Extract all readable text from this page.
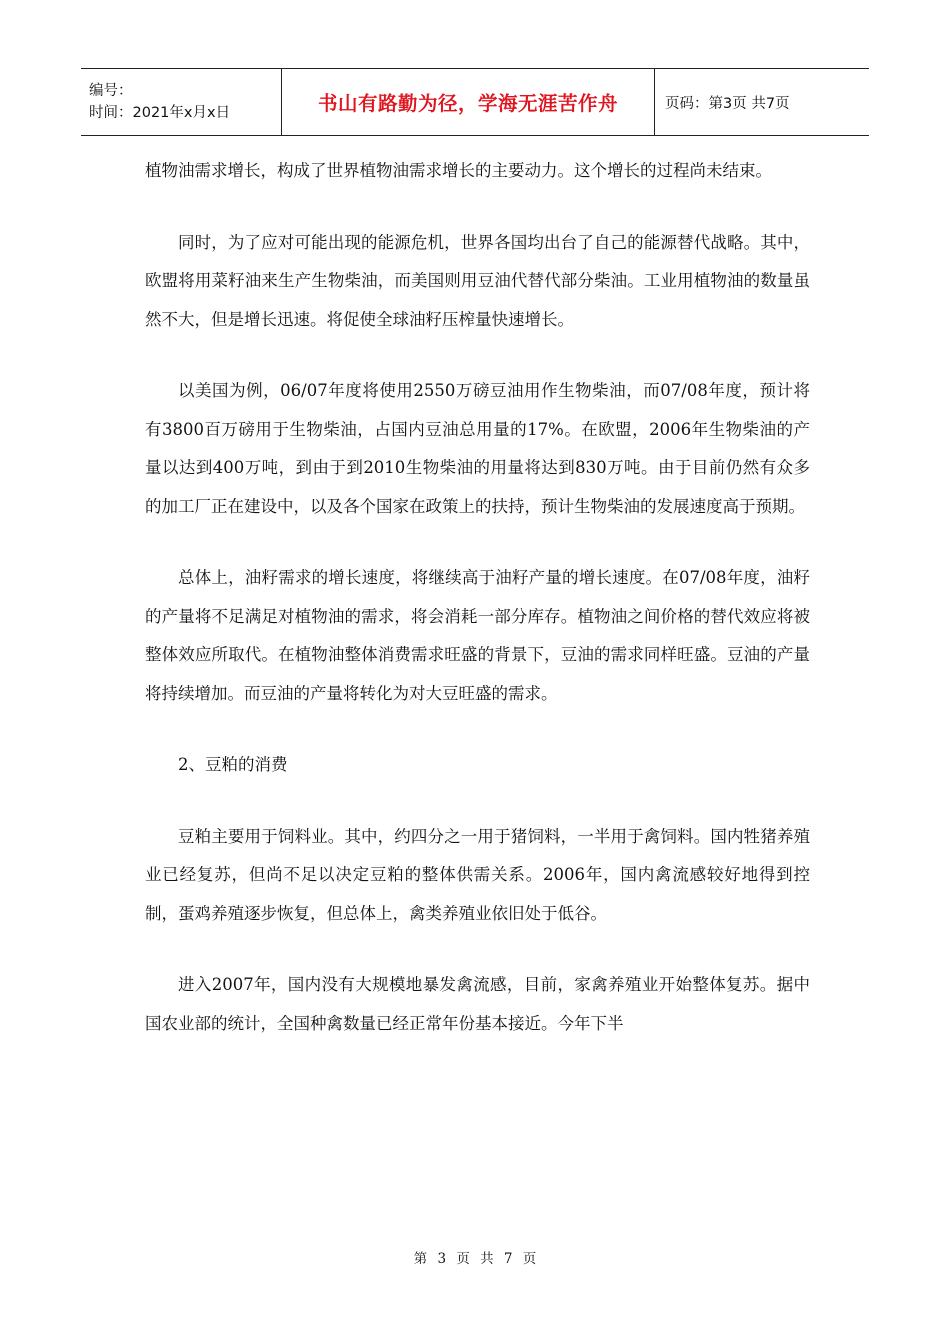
编号：
时间：2021年x月x日	书山有路勤为径，学海无涯苦作舟	页码：第3页 共7页

植物油需求增长，构成了世界植物油需求增长的主要动力。这个增长的过程尚未结束。

同时，为了应对可能出现的能源危机，世界各国均出台了自己的能源替代战略。其中，欧盟将用菜籽油来生产生物柴油，而美国则用豆油代替代部分柴油。工业用植物油的数量虽然不大，但是增长迅速。将促使全球油籽压榨量快速增长。

以美国为例，06/07年度将使用2550万磅豆油用作生物柴油，而07/08年度，预计将有3800百万磅用于生物柴油，占国内豆油总用量的17%。在欧盟，2006年生物柴油的产量以达到400万吨，到由于到2010生物柴油的用量将达到830万吨。由于目前仍然有众多的加工厂正在建设中，以及各个国家在政策上的扶持，预计生物柴油的发展速度高于预期。

总体上，油籽需求的增长速度，将继续高于油籽产量的增长速度。在07/08年度，油籽的产量将不足满足对植物油的需求，将会消耗一部分库存。植物油之间价格的替代效应将被整体效应所取代。在植物油整体消费需求旺盛的背景下，豆油的需求同样旺盛。豆油的产量将持续增加。而豆油的产量将转化为对大豆旺盛的需求。

2、豆粕的消费

豆粕主要用于饲料业。其中，约四分之一用于猪饲料，一半用于禽饲料。国内牲猪养殖业已经复苏，但尚不足以决定豆粕的整体供需关系。2006年，国内禽流感较好地得到控制，蛋鸡养殖逐步恢复，但总体上，禽类养殖业依旧处于低谷。

进入2007年，国内没有大规模地暴发禽流感，目前，家禽养殖业开始整体复苏。据中国农业部的统计，全国种禽数量已经正常年份基本接近。今年下半

第 3 页 共 7 页
